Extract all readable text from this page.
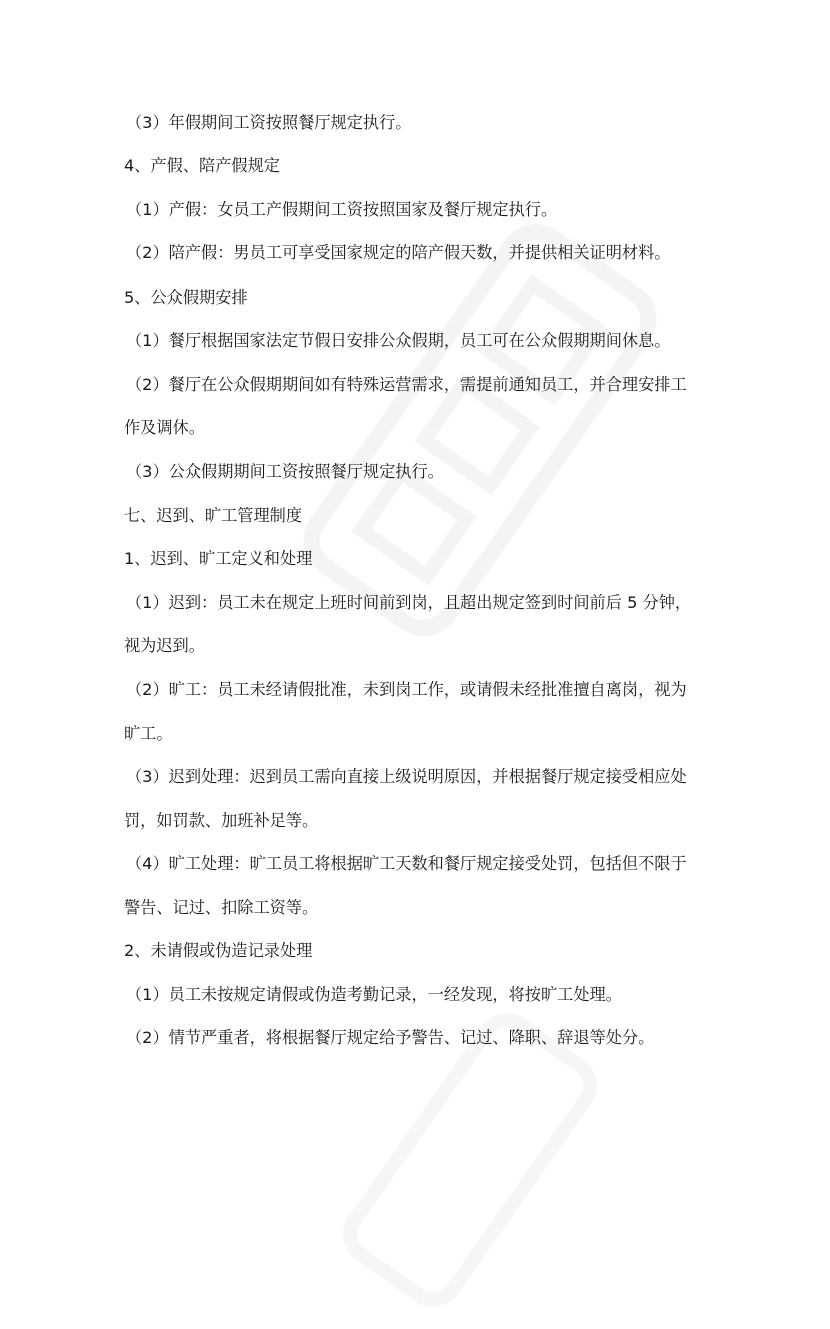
（3）年假期间工资按照餐厅规定执行。
4、产假、陪产假规定
（1）产假：女员工产假期间工资按照国家及餐厅规定执行。
（2）陪产假：男员工可享受国家规定的陪产假天数，并提供相关证明材料。
5、公众假期安排
（1）餐厅根据国家法定节假日安排公众假期，员工可在公众假期期间休息。
（2）餐厅在公众假期期间如有特殊运营需求，需提前通知员工，并合理安排工
作及调休。
（3）公众假期期间工资按照餐厅规定执行。
七、迟到、旷工管理制度
1、迟到、旷工定义和处理
（1）迟到：员工未在规定上班时间前到岗，且超出规定签到时间前后 5 分钟，
视为迟到。
（2）旷工：员工未经请假批准，未到岗工作，或请假未经批准擅自离岗，视为
旷工。
（3）迟到处理：迟到员工需向直接上级说明原因，并根据餐厅规定接受相应处
罚，如罚款、加班补足等。
（4）旷工处理：旷工员工将根据旷工天数和餐厅规定接受处罚，包括但不限于
警告、记过、扣除工资等。
2、未请假或伪造记录处理
（1）员工未按规定请假或伪造考勤记录，一经发现，将按旷工处理。
（2）情节严重者，将根据餐厅规定给予警告、记过、降职、辞退等处分。
